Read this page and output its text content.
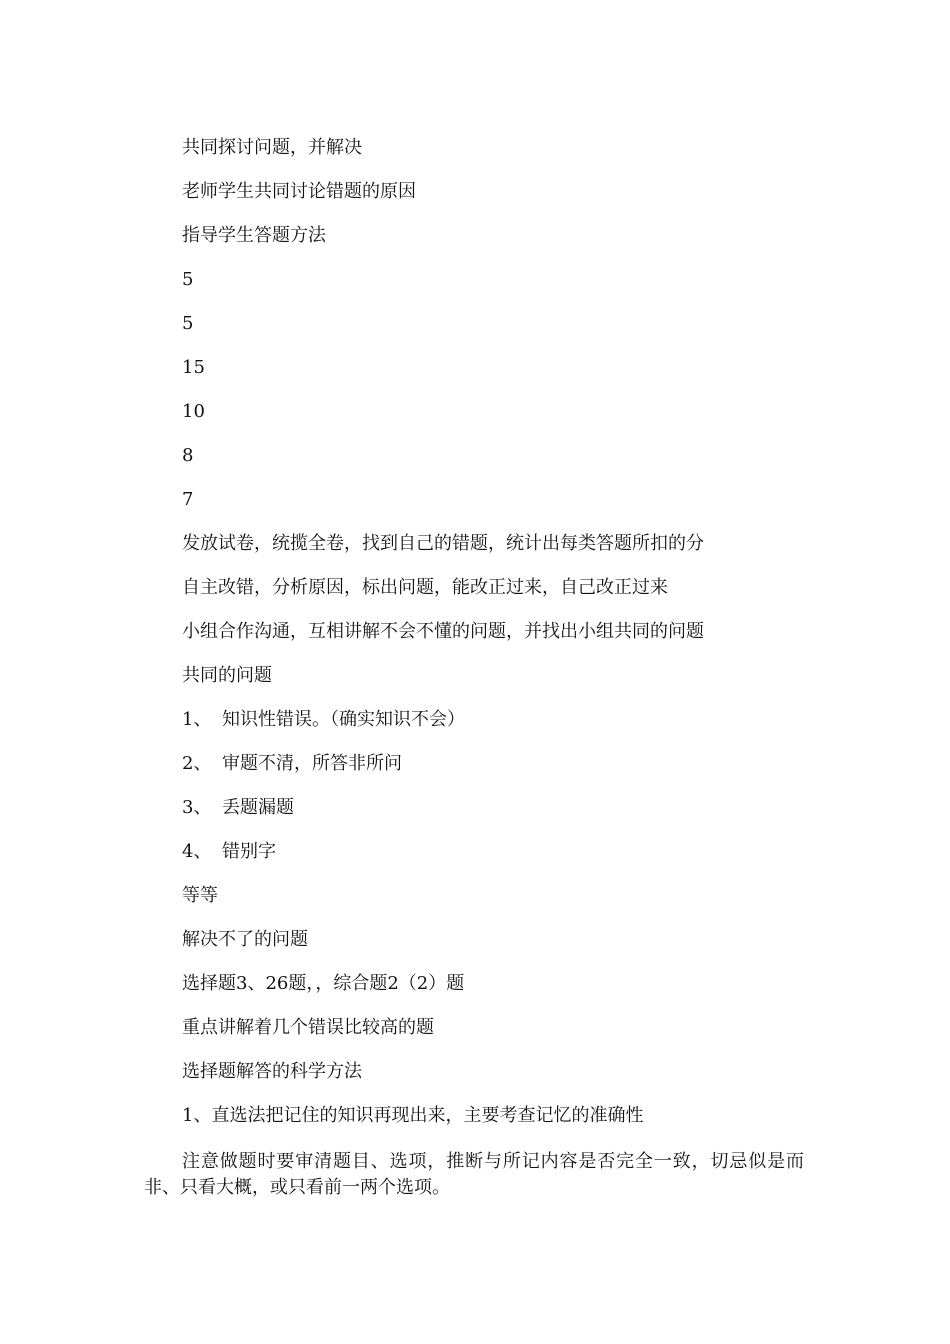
共同探讨问题，并解决
老师学生共同讨论错题的原因
指导学生答题方法
5
5
15
10
8
7
发放试卷，统揽全卷，找到自己的错题，统计出每类答题所扣的分
自主改错，分析原因，标出问题，能改正过来，自己改正过来
小组合作沟通，互相讲解不会不懂的问题，并找出小组共同的问题
共同的问题
1、 知识性错误。（确实知识不会）
2、 审题不清，所答非所问
3、 丢题漏题
4、 错别字
等等
解决不了的问题
选择题3、26题，，综合题2（2）题
重点讲解着几个错误比较高的题
选择题解答的科学方法
1、直选法把记住的知识再现出来，主要考查记忆的准确性
注意做题时要审清题目、选项，推断与所记内容是否完全一致，切忌似是而非、只看大概，或只看前一两个选项。
